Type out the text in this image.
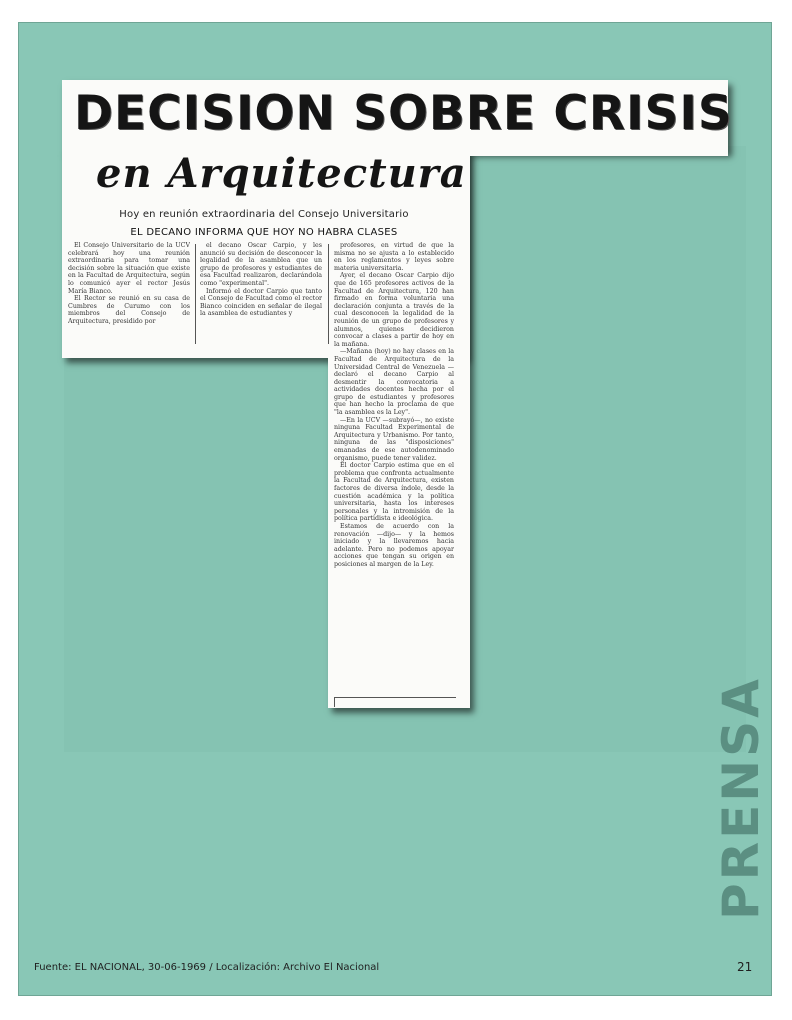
DECISION SOBRE CRISIS
en Arquitectura
Hoy en reunión extraordinaria del Consejo Universitario
EL DECANO INFORMA QUE HOY NO HABRA CLASES

El Consejo Universitario de la UCV celebrará hoy una reunión extraordinaria para tomar una decisión sobre la situación que existe en la Facultad de Arquitectura, según lo comunicó ayer el rector Jesús María Bianco.

El Rector se reunió en su casa de Cumbres de Curumo con los miembros del Consejo de Arquitectura, presidido por

el decano Oscar Carpio, y les anunció su decisión de desconocer la legalidad de la asamblea que un grupo de profesores y estudiantes de esa Facultad realizaron, declarándola como "experimental".

Informó el doctor Carpio que tanto el Consejo de Facultad como el rector Bianco coinciden en señalar de ilegal la asamblea de estudiantes y

profesores, en virtud de que la misma no se ajusta a lo establecido en los reglamentos y leyes sobre materia universitaria.

Ayer, el decano Oscar Carpio dijo que de 165 profesores activos de la Facultad de Arquitectura, 120 han firmado en forma voluntaria una declaración conjunta a través de la cual desconocen la legalidad de la reunión de un grupo de profesores y alumnos, quienes decidieron convocar a clases a partir de hoy en la mañana.

—Mañana (hoy) no hay clases en la Facultad de Arquitectura de la Universidad Central de Venezuela —declaró el decano Carpio al desmentir la convocatoria a actividades docentes hecha por el grupo de estudiantes y profesores que han hecho la proclama de que "la asamblea es la Ley".

—En la UCV —subrayó—, no existe ninguna Facultad Experimental de Arquitectura y Urbanismo. Por tanto, ninguna de las "disposiciones" emanadas de ese autodenominado organismo, puede tener validez.

El doctor Carpio estima que en el problema que confronta actualmente la Facultad de Arquitectura, existen factores de diversa índole, desde la cuestión académica y la política universitaria, hasta los intereses personales y la intromisión de la política partidista e ideológica.

Estamos de acuerdo con la renovación —dijo— y la hemos iniciado y la llevaremos hacia adelante. Pero no podemos apoyar acciones que tengan su origen en posiciones al margen de la Ley.

PRENSA
Fuente: EL NACIONAL, 30-06-1969 / Localización: Archivo El Nacional	21
